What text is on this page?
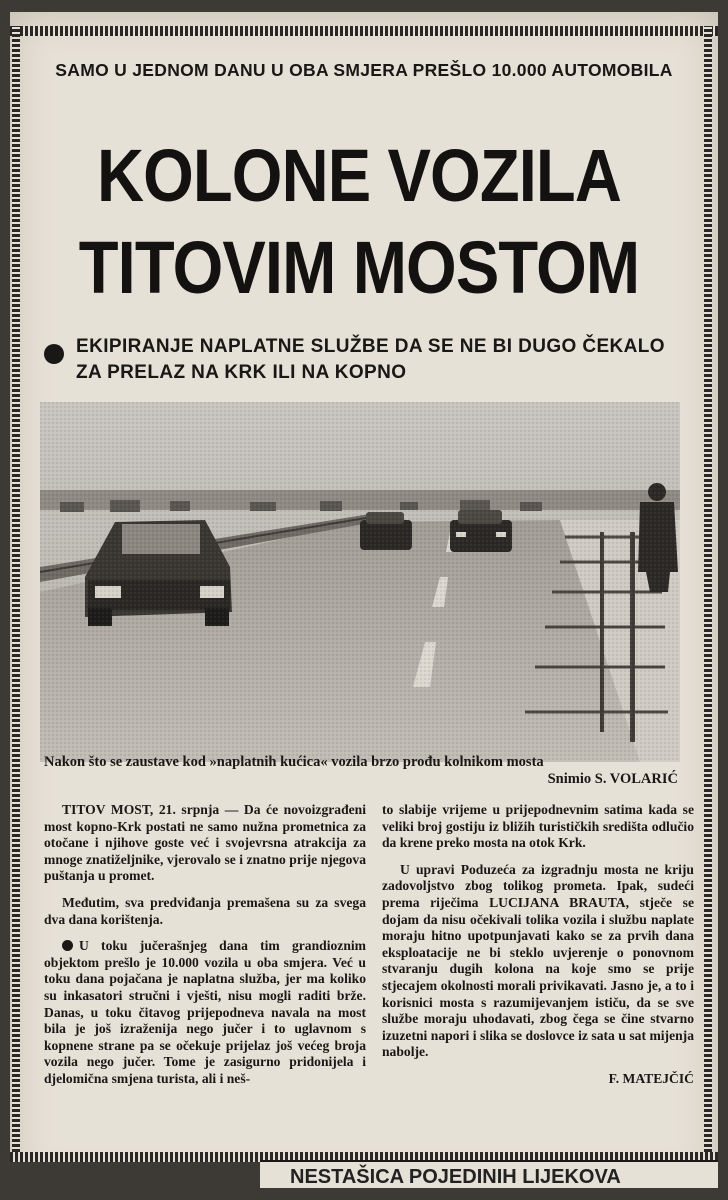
SAMO U JEDNOM DANU U OBA SMJERA PREŠLO 10.000 AUTOMOBILA
KOLONE VOZILA
TITOVIM MOSTOM
EKIPIRANJE NAPLATNE SLUŽBE DA SE NE BI DUGO ČEKALO ZA PRELAZ NA KRK ILI NA KOPNO
Nakon što se zaustave kod »naplatnih kućica« vozila brzo prođu kolnikom mosta
Snimio S. VOLARIĆ

TITOV MOST, 21. srpnja — Da će novoizgrađeni most kopno-Krk postati ne samo nužna prometnica za otočane i njihove goste već i svojevrsna atrakcija za mnoge znatiželjnike, vjerovalo se i znatno prije njegova puštanja u promet.

Međutim, sva predviđanja premašena su za svega dva dana korištenja.

U toku jučerašnjeg dana tim grandioznim objektom prešlo je 10.000 vozila u oba smjera. Već u toku dana pojačana je naplatna služba, jer ma koliko su inkasatori stručni i vješti, nisu mogli raditi brže. Danas, u toku čitavog prijepodneva navala na most bila je još izraženija nego jučer i to uglavnom s kopnene strane pa se očekuje prijelaz još većeg broja vozila nego jučer. Tome je zasigurno pridonijela i djelomična smjena turista, ali i neš-

to slabije vrijeme u prijepodnevnim satima kada se veliki broj gostiju iz bližih turističkih središta odlučio da krene preko mosta na otok Krk.

U upravi Poduzeća za izgradnju mosta ne kriju zadovoljstvo zbog tolikog prometa. Ipak, sudeći prema riječima LUCIJANA BRAUTA, stječe se dojam da nisu očekivali tolika vozila i službu naplate moraju hitno upotpunjavati kako se za prvih dana eksploatacije ne bi steklo uvjerenje o ponovnom stvaranju dugih kolona na koje smo se prije stjecajem okolnosti morali privikavati. Jasno je, a to i korisnici mosta s razumijevanjem ističu, da se sve službe moraju uhodavati, zbog čega se čine stvarno izuzetni napori i slika se doslovce iz sata u sat mijenja nabolje.

F. MATEJČIĆ

NESTAŠICA POJEDINIH LIJEKOVA
